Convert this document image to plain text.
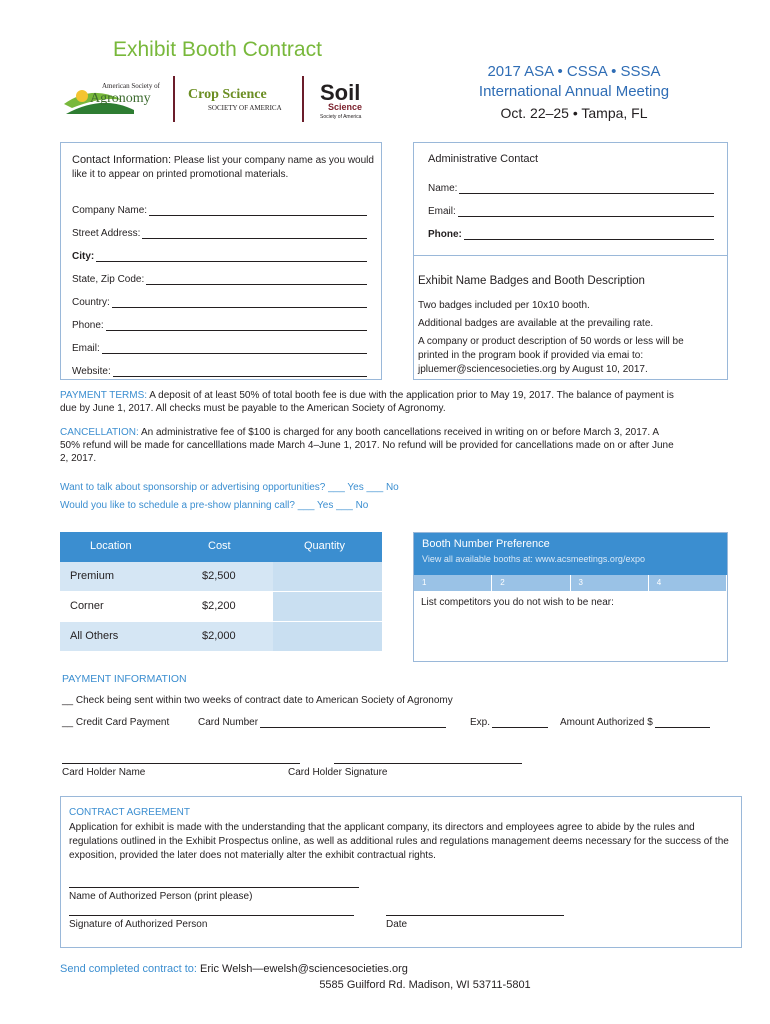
Exhibit Booth Contract
American Society of
Agronomy	Crop Science
SOCIETY OF AMERICA
Soil
Science
Society of America
2017 ASA • CSSA • SSSA
International Annual Meeting
Oct. 22–25 • Tampa, FL
Contact Information: Please list your company name as you would like it to appear on printed promotional materials.
Company Name:
Street Address:
City:
State, Zip Code:
Country:
Phone:
Email:
Website:
Administrative Contact
Name:
Email:
Phone:
Exhibit Name Badges and Booth Description
Two badges included per 10x10 booth.
Additional badges are available at the prevailing rate.
A company or product description of 50 words or less will be printed in the program book if provided via emai to: jpluemer@sciencesocieties.org by August 10, 2017.
PAYMENT TERMS: A deposit of at least 50% of total booth fee is due with the application prior to May 19, 2017. The balance of payment is due by June 1, 2017. All checks must be payable to the American Society of Agronomy.
CANCELLATION: An administrative fee of $100 is charged for any booth cancellations received in writing on or before March 3, 2017. A 50% refund will be made for cancelllations made March 4–June 1, 2017. No refund will be provided for cancellations made on or after June 2, 2017.
Want to talk about sponsorship or advertising opportunities? ___ Yes ___ No
Would you like to schedule a pre-show planning call? ___ Yes ___ No
Location	Cost	Quantity
Premium	$2,500
Corner	$2,200
All Others	$2,000
Booth Number Preference
View all available booths at: www.acsmeetings.org/expo
1	2	3	4
List competitors you do not wish to be near:
PAYMENT INFORMATION
__ Check being sent within two weeks of contract date to American Society of Agronomy
__ Credit Card Payment	Card Number	Exp.	Amount Authorized $
Card Holder Name	Card Holder Signature
CONTRACT AGREEMENT
Application for exhibit is made with the understanding that the applicant company, its directors and employees agree to abide by the rules and regulations outlined in the Exhibit Prospectus online, as well as additional rules and regulations management deems necessary for the success of the exposition, provided the later does not materially alter the exhibit contractual rights.
Name of Authorized Person (print please)
Signature of Authorized Person	Date
Send completed contract to: Eric Welsh—ewelsh@sciencesocieties.org
5585 Guilford Rd. Madison, WI 53711-5801
